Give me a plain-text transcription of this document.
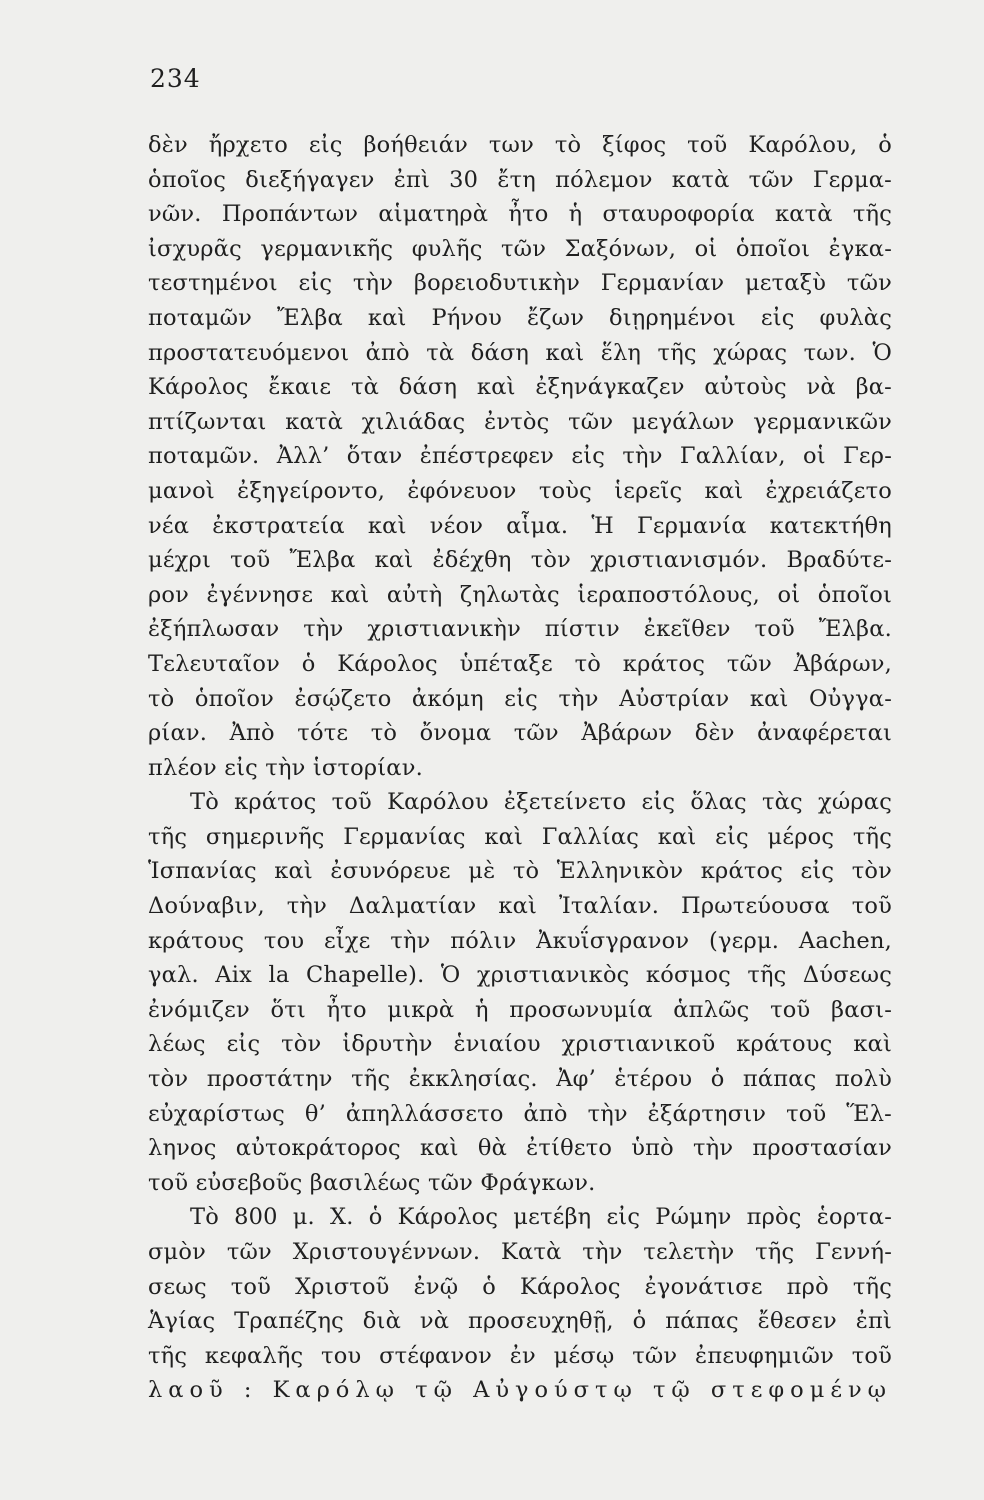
234
δὲν ἤρχετο εἰς βοήθειάν των τὸ ξίφος τοῦ Καρόλου, ὁ
ὁποῖος διεξήγαγεν ἐπὶ 30 ἔτη πόλεμον κατὰ τῶν Γερμα-
νῶν. Προπάντων αἱματηρὰ ἦτο ἡ σταυροφορία κατὰ τῆς
ἰσχυρᾶς γερμανικῆς φυλῆς τῶν Σαξόνων, οἱ ὁποῖοι ἐγκα-
τεστημένοι εἰς τὴν βορειοδυτικὴν Γερμανίαν μεταξὺ τῶν
ποταμῶν Ἔλβα καὶ Ρήνου ἔζων διῃρημένοι εἰς φυλὰς
προστατευόμενοι ἀπὸ τὰ δάση καὶ ἕλη τῆς χώρας των. Ὁ
Κάρολος ἔκαιε τὰ δάση καὶ ἐξηνάγκαζεν αὐτοὺς νὰ βα-
πτίζωνται κατὰ χιλιάδας ἐντὸς τῶν μεγάλων γερμανικῶν
ποταμῶν. Ἀλλ’ ὅταν ἐπέστρεφεν εἰς τὴν Γαλλίαν, οἱ Γερ-
μανοὶ ἐξηγείροντο, ἐφόνευον τοὺς ἱερεῖς καὶ ἐχρειάζετο
νέα ἐκστρατεία καὶ νέον αἷμα. Ἡ Γερμανία κατεκτήθη
μέχρι τοῦ Ἔλβα καὶ ἐδέχθη τὸν χριστιανισμόν. Βραδύτε-
ρον ἐγέννησε καὶ αὐτὴ ζηλωτὰς ἱεραποστόλους, οἱ ὁποῖοι
ἐξήπλωσαν τὴν χριστιανικὴν πίστιν ἐκεῖθεν τοῦ Ἔλβα.
Τελευταῖον ὁ Κάρολος ὑπέταξε τὸ κράτος τῶν Ἀβάρων,
τὸ ὁποῖον ἐσῴζετο ἀκόμη εἰς τὴν Αὐστρίαν καὶ Οὐγγα-
ρίαν. Ἀπὸ τότε τὸ ὄνομα τῶν Ἀβάρων δὲν ἀναφέρεται
πλέον εἰς τὴν ἱστορίαν.
Τὸ κράτος τοῦ Καρόλου ἐξετείνετο εἰς ὅλας τὰς χώρας
τῆς σημερινῆς Γερμανίας καὶ Γαλλίας καὶ εἰς μέρος τῆς
Ἱσπανίας καὶ ἐσυνόρευε μὲ τὸ Ἑλληνικὸν κράτος εἰς τὸν
Δούναβιν, τὴν Δαλματίαν καὶ Ἰταλίαν. Πρωτεύουσα τοῦ
κράτους του εἶχε τὴν πόλιν Ἀκυΐσγρανον (γερμ. Aachen,
γαλ. Aix la Chapelle). Ὁ χριστιανικὸς κόσμος τῆς Δύσεως
ἐνόμιζεν ὅτι ἦτο μικρὰ ἡ προσωνυμία ἁπλῶς τοῦ βασι-
λέως εἰς τὸν ἱδρυτὴν ἑνιαίου χριστιανικοῦ κράτους καὶ
τὸν προστάτην τῆς ἐκκλησίας. Ἀφ’ ἑτέρου ὁ πάπας πολὺ
εὐχαρίστως θ’ ἀπηλλάσσετο ἀπὸ τὴν ἐξάρτησιν τοῦ Ἕλ-
ληνος αὐτοκράτορος καὶ θὰ ἐτίθετο ὑπὸ τὴν προστασίαν
τοῦ εὐσεβοῦς βασιλέως τῶν Φράγκων.
Τὸ 800 μ. Χ. ὁ Κάρολος μετέβη εἰς Ρώμην πρὸς ἑορτα-
σμὸν τῶν Χριστουγέννων. Κατὰ τὴν τελετὴν τῆς Γεννή-
σεως τοῦ Χριστοῦ ἐνῷ ὁ Κάρολος ἐγονάτισε πρὸ τῆς
Ἁγίας Τραπέζης διὰ νὰ προσευχηθῇ, ὁ πάπας ἔθεσεν ἐπὶ
τῆς κεφαλῆς του στέφανον ἐν μέσῳ τῶν ἐπευφημιῶν τοῦ
λαοῦ : Καρόλῳ τῷ Αὐγούστῳ τῷ στεφομένῳ
